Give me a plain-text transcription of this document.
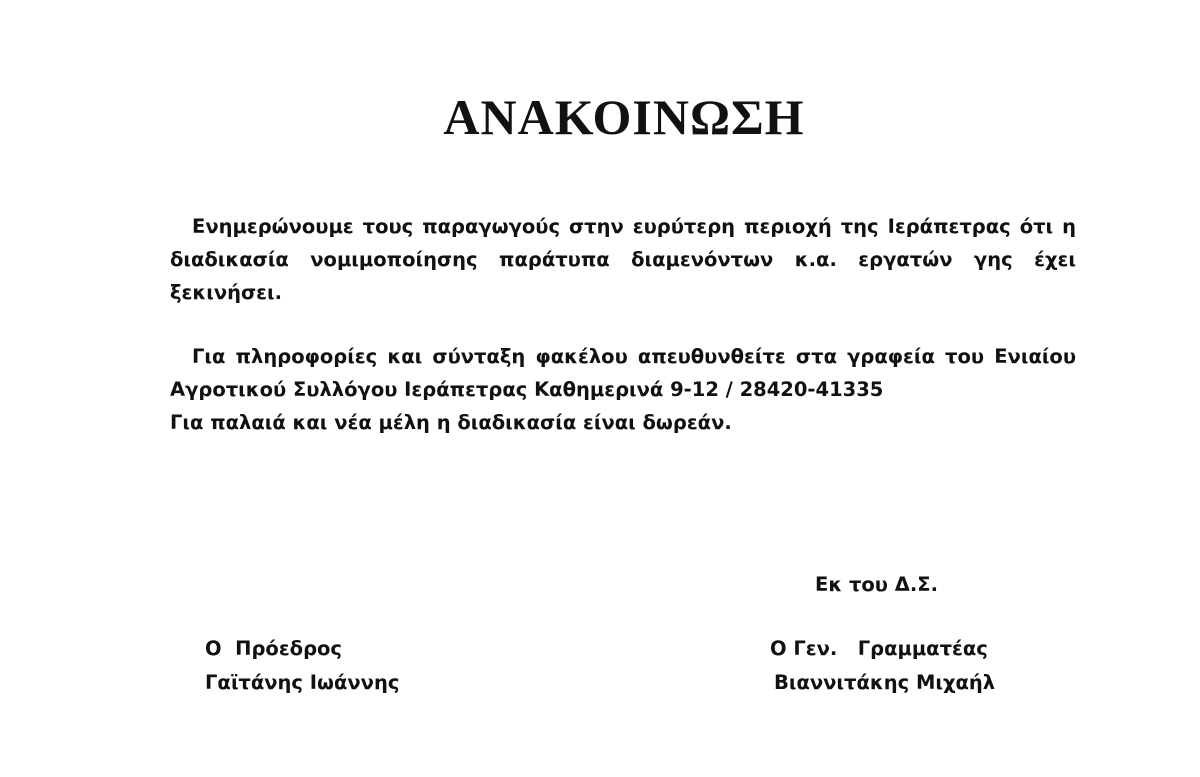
ΑΝΑΚΟΙΝΩΣΗ

Ενημερώνουμε τους παραγωγούς στην ευρύτερη περιοχή της Ιεράπετρας ότι η διαδικασία νομιμοποίησης παράτυπα διαμενόντων κ.α. εργατών γης έχει ξεκινήσει.

Για πληροφορίες και σύνταξη φακέλου απευθυνθείτε στα γραφεία του Ενιαίου
Αγροτικού Συλλόγου Ιεράπετρας Καθημερινά 9-12 / 28420-41335
Για παλαιά και νέα μέλη η διαδικασία είναι δωρεάν.
Εκ του Δ.Σ.
Ο  Πρόεδρος
Γαϊτάνης Ιωάννης
Ο Γεν.   Γραμματέας
Βιαννιτάκης Μιχαήλ
